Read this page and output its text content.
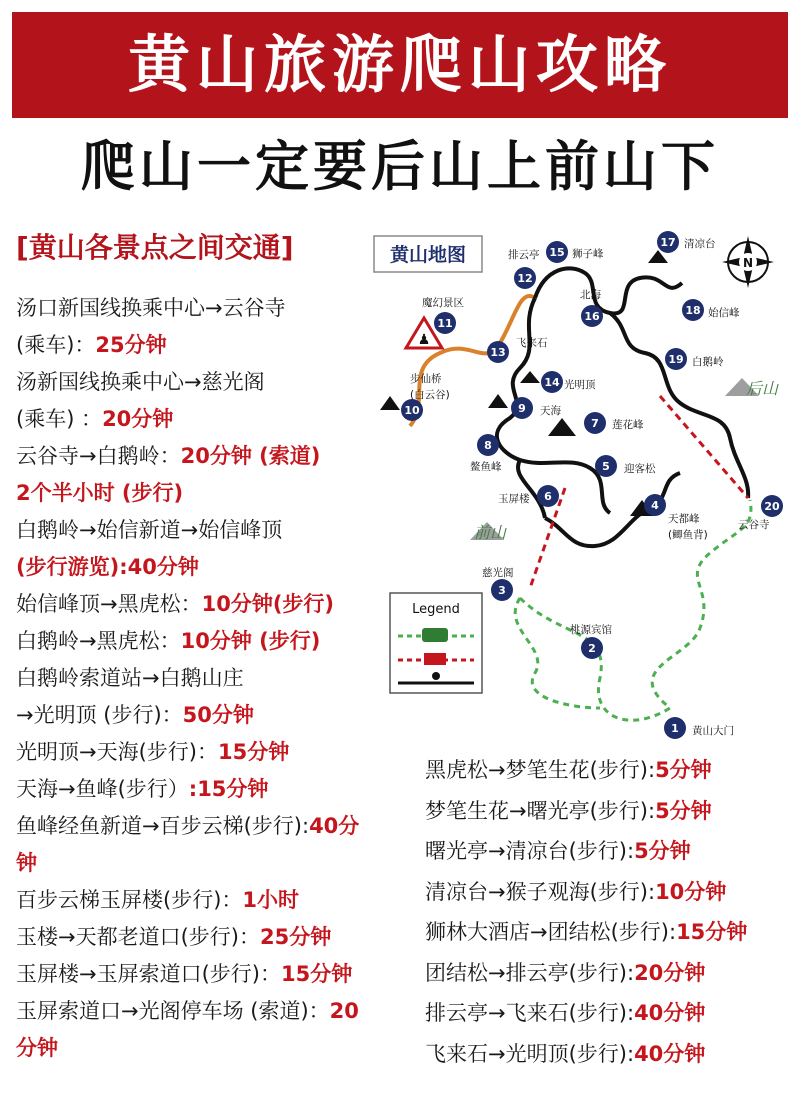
黄山旅游爬山攻略
爬山一定要后山上前山下
[黄山各景点之间交通]
汤口新国线换乘中心→云谷寺
(乘车)：25分钟
汤新国线换乘中心→慈光阁
(乘车) ：20分钟
云谷寺→白鹅岭：20分钟 (索道)
2个半小时 (步行)
白鹅岭→始信新道→始信峰顶
(步行游览):40分钟
始信峰顶→黑虎松：10分钟(步行)
白鹅岭→黑虎松：10分钟 (步行)
白鹅岭索道站→白鹅山庄
→光明顶 (步行)：50分钟
光明顶→天海(步行)：15分钟
天海→鱼峰(步行）:15分钟
鱼峰经鱼新道→百步云梯(步行):40分
钟
百步云梯玉屏楼(步行)：1小时
玉楼→天都老道口(步行)：25分钟
玉屏楼→玉屏索道口(步行)：15分钟
玉屏索道口→光阁停车场 (索道)：20
分钟
黑虎松→梦笔生花(步行):5分钟
梦笔生花→曙光亭(步行):5分钟
曙光亭→清凉台(步行):5分钟
清凉台→猴子观海(步行):10分钟
狮林大酒店→团结松(步行):15分钟
团结松→排云亭(步行):20分钟
排云亭→飞来石(步行):40分钟
飞来石→光明顶(步行):40分钟
黄山地图	N
后山
前山
♟
1 黄山大门
2
桃源宾馆
3
慈光阁
4
天都峰
(鲫鱼背)
5 迎客松
6
玉屏楼
7 莲花峰
8
鳌鱼峰
9 天海
10
步仙桥
(白云谷)
11
魔幻景区
12
排云亭
13
飞来石
14 光明顶
15 狮子峰
16
北海
17 清凉台
18 始信峰
19 白鹅岭
20
云谷寺
Legend
